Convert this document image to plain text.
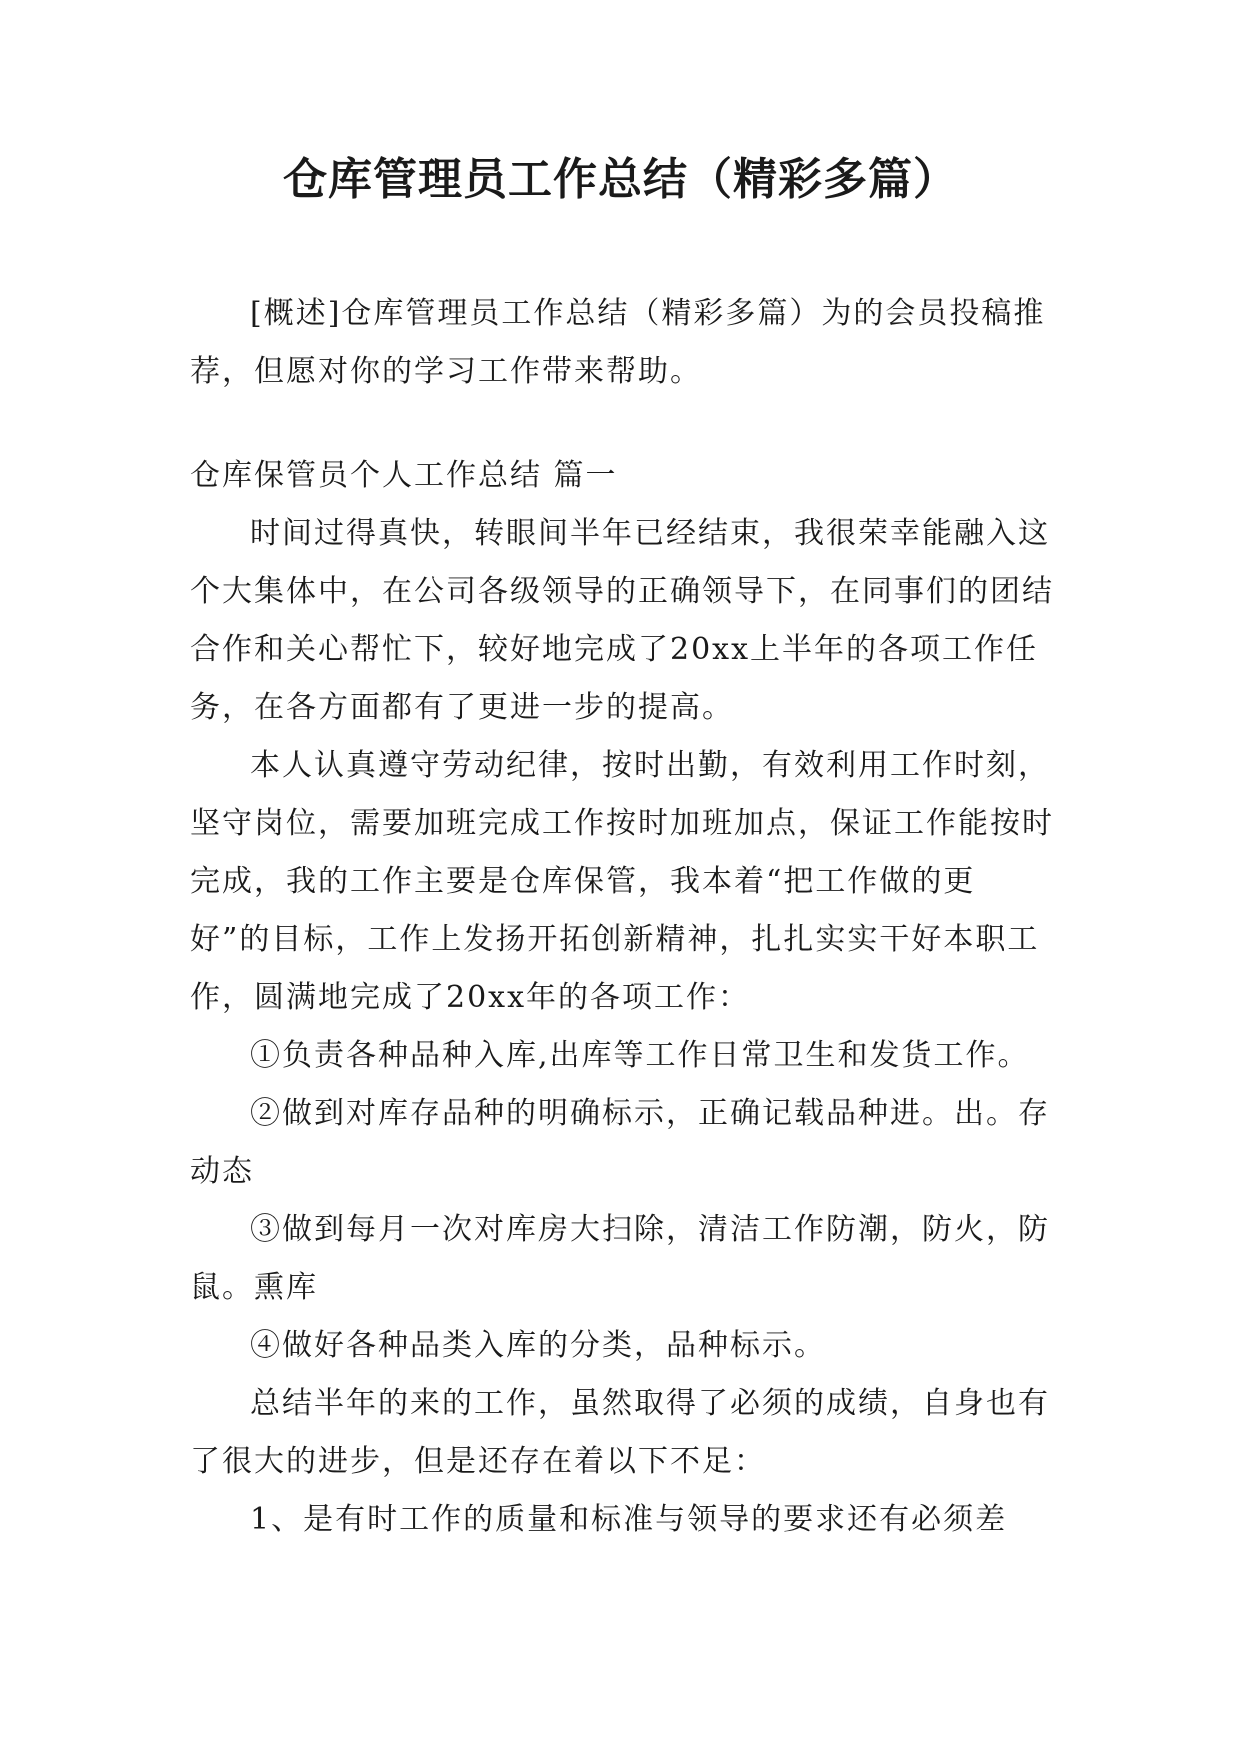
仓库管理员工作总结（精彩多篇）

[概述]仓库管理员工作总结（精彩多篇）为的会员投稿推荐，但愿对你的学习工作带来帮助。

仓库保管员个人工作总结 篇一

时间过得真快，转眼间半年已经结束，我很荣幸能融入这个大集体中，在公司各级领导的正确领导下，在同事们的团结合作和关心帮忙下，较好地完成了20xx上半年的各项工作任务，在各方面都有了更进一步的提高。

本人认真遵守劳动纪律，按时出勤，有效利用工作时刻，坚守岗位，需要加班完成工作按时加班加点，保证工作能按时完成，我的工作主要是仓库保管，我本着“把工作做的更好”的目标，工作上发扬开拓创新精神，扎扎实实干好本职工作，圆满地完成了20xx年的各项工作：

①负责各种品种入库,出库等工作日常卫生和发货工作。

②做到对库存品种的明确标示，正确记载品种进。出。存动态

③做到每月一次对库房大扫除，清洁工作防潮，防火，防鼠。熏库

④做好各种品类入库的分类，品种标示。

总结半年的来的工作，虽然取得了必须的成绩，自身也有了很大的进步，但是还存在着以下不足：

1、是有时工作的质量和标准与领导的要求还有必须差
